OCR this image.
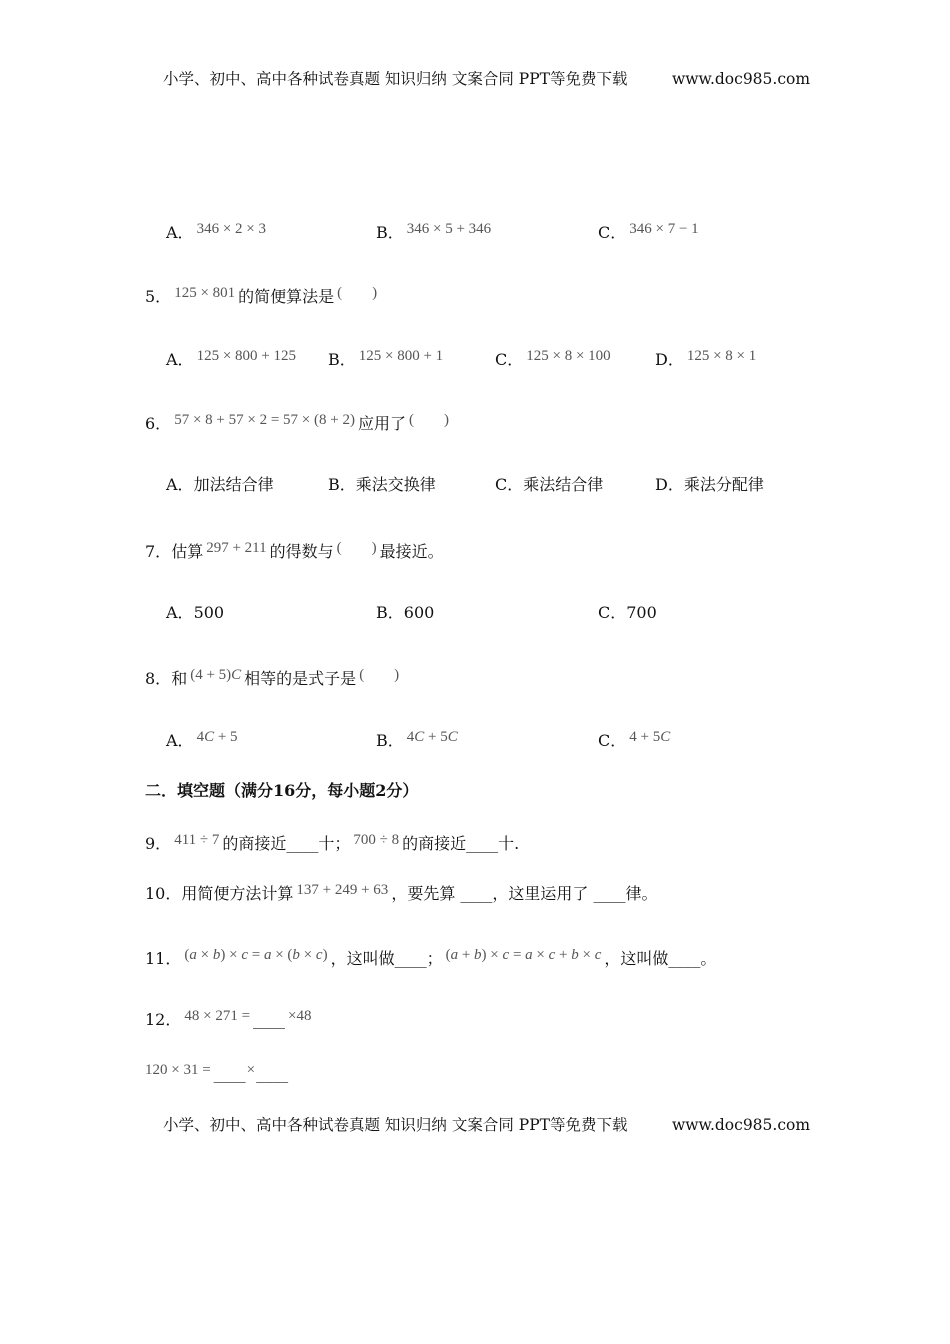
小学、初中、高中各种试卷真题 知识归纳 文案合同 PPT等免费下载	www.doc985.com
A． 346 × 2 × 3	B． 346 × 5 + 346	C． 346 × 7 − 1
5． 125 × 801 的简便算法是 (　　)
A． 125 × 800 + 125 B． 125 × 800 + 1	C． 125 × 8 × 100	D． 125 × 8 × 1
6． 57 × 8 + 57 × 2 = 57 × (8 + 2) 应用了 (　　)
A．加法结合律	B．乘法交换律	C．乘法结合律	D．乘法分配律
7．估算 297 + 211 的得数与 (　　) 最接近。
A．500	B．600	C．700
8．和 (4 + 5)C 相等的是式子是 (　　)
A． 4C + 5	B． 4C + 5C	C． 4 + 5C
二．填空题（满分16分，每小题2分）
9． 411 ÷ 7 的商接近____十； 700 ÷ 8 的商接近____十.
10．用简便方法计算 137 + 249 + 63 ，要先算 ____，这里运用了 ____律。
11． (a × b) × c = a × (b × c) ，这叫做____； (a + b) × c = a × c + b × c ，这叫做____。
12． 48 × 271 = ____ ×48
120 × 31 = ____×____
小学、初中、高中各种试卷真题 知识归纳 文案合同 PPT等免费下载	www.doc985.com
